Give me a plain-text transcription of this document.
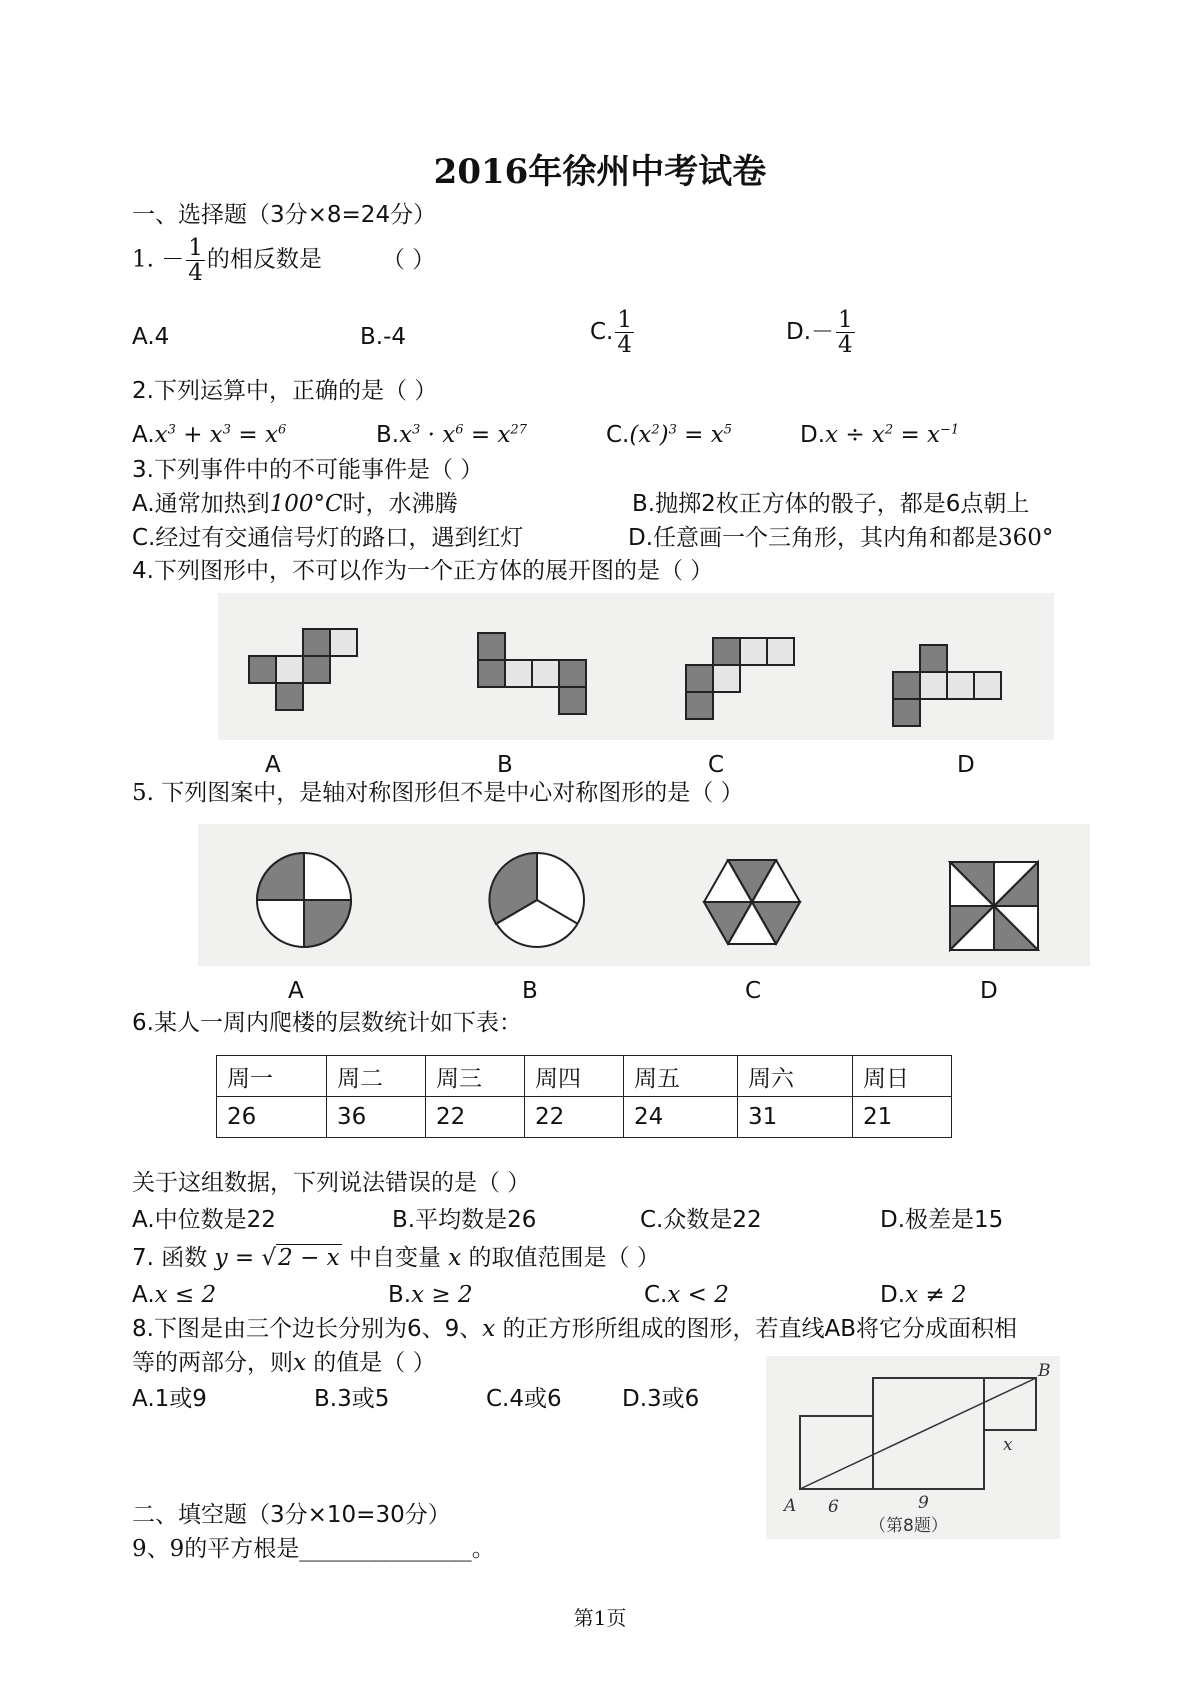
2016年徐州中考试卷
一、选择题（3分×8=24分）
1. － $\frac{1}{4}$ 的相反数是	（ ）
A.4	B.-4	C. $\frac{1}{4}$	$D.- \frac{1}{4}$
2.下列运算中，正确的是（ ）
$A.x^3 + x^3 = x^6$	$B.x^3 \cdot x^6 = x^{27}$	$C.(x^2)^3 = x^5$	$D.x \div x^2 = x^{-1}$
3.下列事件中的不可能事件是（ ）
A.通常加热到100°C时，水沸腾	B.抛掷2枚正方体的骰子，都是6点朝上
C.经过有交通信号灯的路口，遇到红灯	D.任意画一个三角形，其内角和都是360°
4.下列图形中，不可以作为一个正方体的展开图的是（ ）
A	B	C	D
5. 下列图案中，是轴对称图形但不是中心对称图形的是（ ）
A	B	C	D
6.某人一周内爬楼的层数统计如下表：
周一	周二	周三	周四	周五	周六	周日
26	36	22	22	24	31	21
关于这组数据，下列说法错误的是（ ）
A.中位数是22	B.平均数是26	C.众数是22	D.极差是15
7. 函数 y = √2 − x 中自变量 x 的取值范围是（ ）
A.x ≤ 2	B.x ≥ 2	C.x < 2	D.x ≠ 2
8.下图是由三个边长分别为6、9、x 的正方形所组成的图形，若直线AB将它分成面积相
等的两部分，则x 的值是（ ）
A.1或9	B.3或5	C.4或6	D.3或6
A
B
6	9
x
（第8题）
二、填空题（3分×10=30分）
9、9的平方根是_______________。
第1页
